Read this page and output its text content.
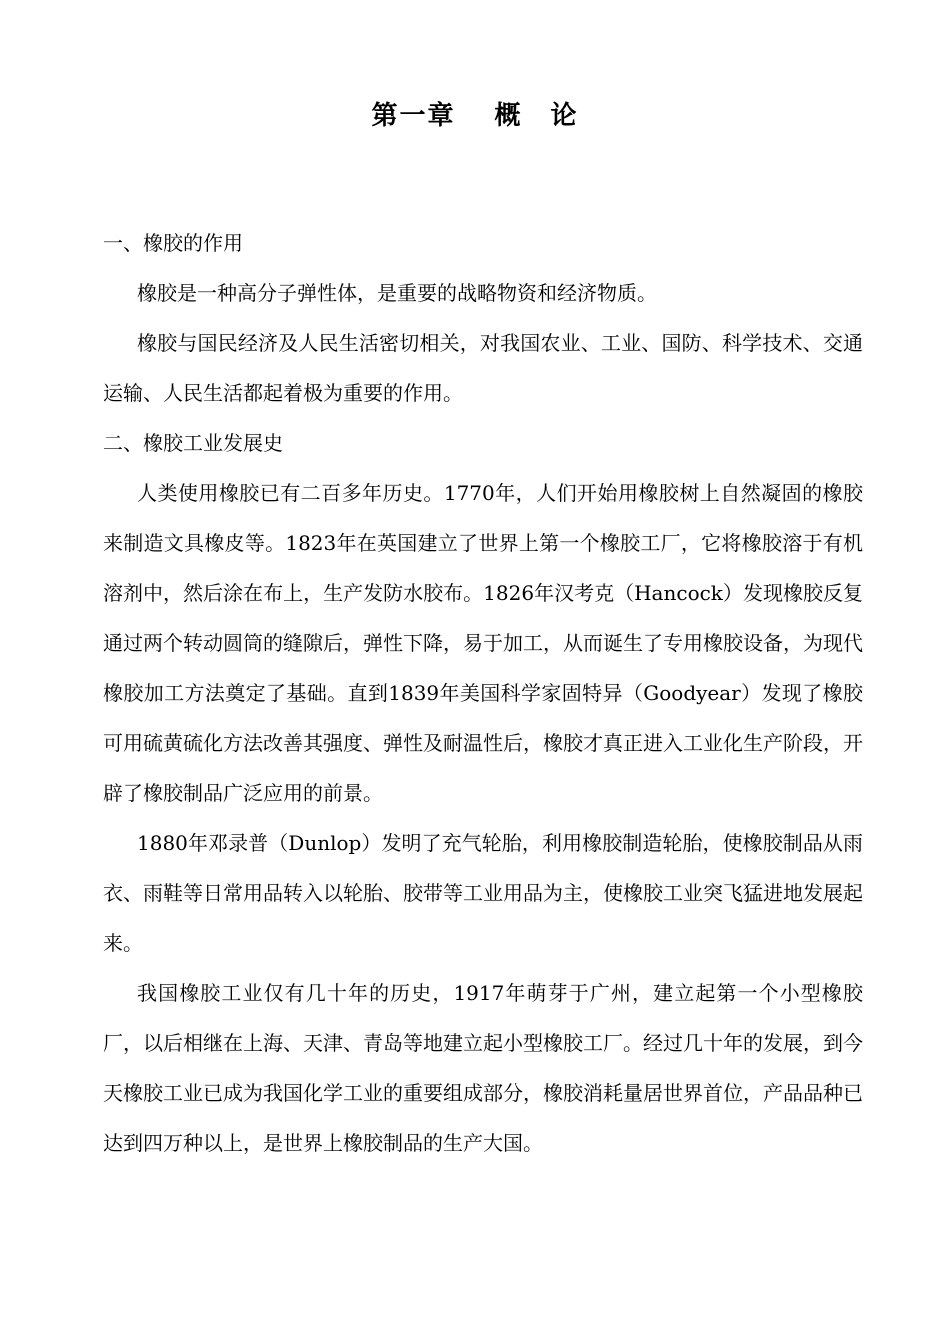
第一章　 概　论

一、橡胶的作用

橡胶是一种高分子弹性体，是重要的战略物资和经济物质。

橡胶与国民经济及人民生活密切相关，对我国农业、工业、国防、科学技术、交通运输、人民生活都起着极为重要的作用。

二、橡胶工业发展史

人类使用橡胶已有二百多年历史。1770年，人们开始用橡胶树上自然凝固的橡胶来制造文具橡皮等。1823年在英国建立了世界上第一个橡胶工厂，它将橡胶溶于有机溶剂中，然后涂在布上，生产发防水胶布。1826年汉考克（Hancock）发现橡胶反复通过两个转动圆筒的缝隙后，弹性下降，易于加工，从而诞生了专用橡胶设备，为现代橡胶加工方法奠定了基础。直到1839年美国科学家固特异（Goodyear）发现了橡胶可用硫黄硫化方法改善其强度、弹性及耐温性后，橡胶才真正进入工业化生产阶段，开辟了橡胶制品广泛应用的前景。

1880年邓录普（Dunlop）发明了充气轮胎，利用橡胶制造轮胎，使橡胶制品从雨衣、雨鞋等日常用品转入以轮胎、胶带等工业用品为主，使橡胶工业突飞猛进地发展起来。

我国橡胶工业仅有几十年的历史，1917年萌芽于广州，建立起第一个小型橡胶厂，以后相继在上海、天津、青岛等地建立起小型橡胶工厂。经过几十年的发展，到今天橡胶工业已成为我国化学工业的重要组成部分，橡胶消耗量居世界首位，产品品种已达到四万种以上，是世界上橡胶制品的生产大国。
